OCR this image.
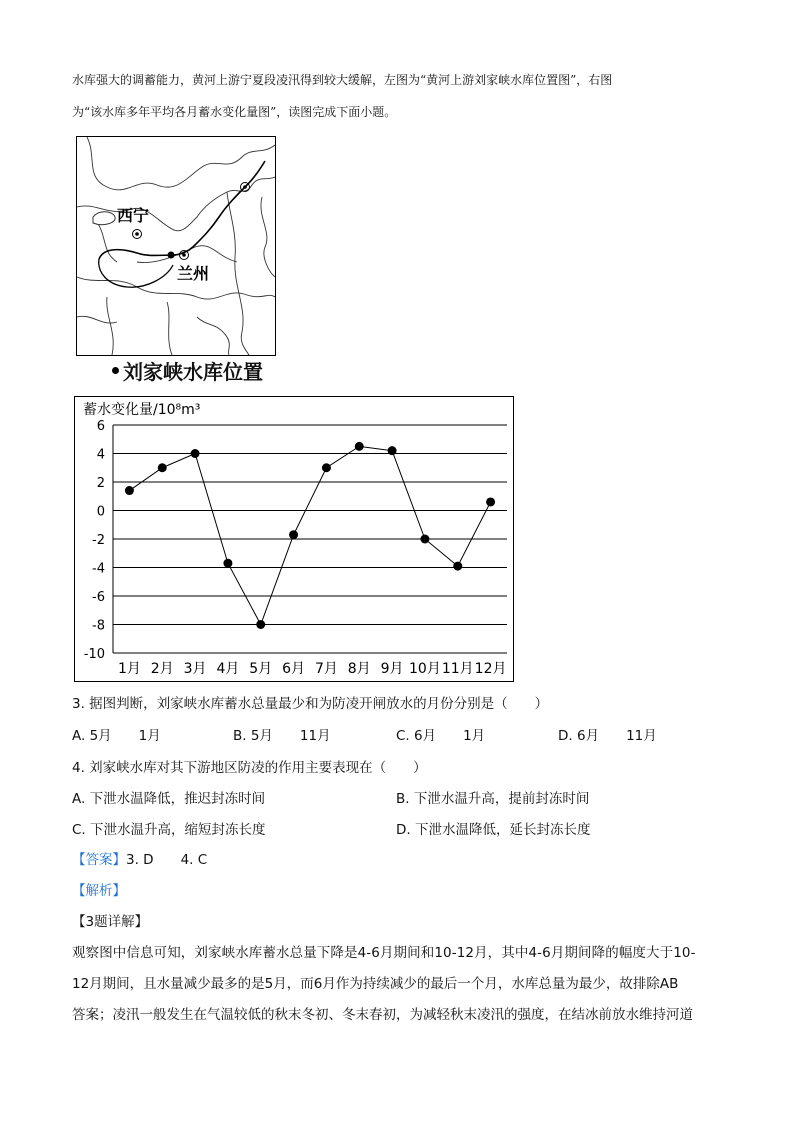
水库强大的调蓄能力，黄河上游宁夏段凌汛得到较大缓解，左图为“黄河上游刘家峡水库位置图”，右图

为“该水库多年平均各月蓄水变化量图”，读图完成下面小题。

西宁
兰州
刘家峡水库位置
蓄水变化量/10⁸m³
6
4
2
0
-2
-4
-6
-8
-10
1月 2月 3月 4月 5月 6月 7月 8月 9月 10月 11月 12月
3. 据图判断，刘家峡水库蓄水总量最少和为防凌开闸放水的月份分别是（　　）
A. 5月　　1月	B. 5月　　11月	C. 6月　　1月	D. 6月　　11月
4. 刘家峡水库对其下游地区防凌的作用主要表现在（　　）
A. 下泄水温降低，推迟封冻时间	B. 下泄水温升高，提前封冻时间
C. 下泄水温升高，缩短封冻长度	D. 下泄水温降低，延长封冻长度
【答案】3. D　　4. C
【解析】
【3题详解】
观察图中信息可知，刘家峡水库蓄水总量下降是4-6月期间和10-12月，其中4-6月期间降的幅度大于10-
12月期间，且水量减少最多的是5月，而6月作为持续减少的最后一个月，水库总量为最少，故排除AB
答案；凌汛一般发生在气温较低的秋末冬初、冬末春初，为减轻秋末凌汛的强度，在结冰前放水维持河道
